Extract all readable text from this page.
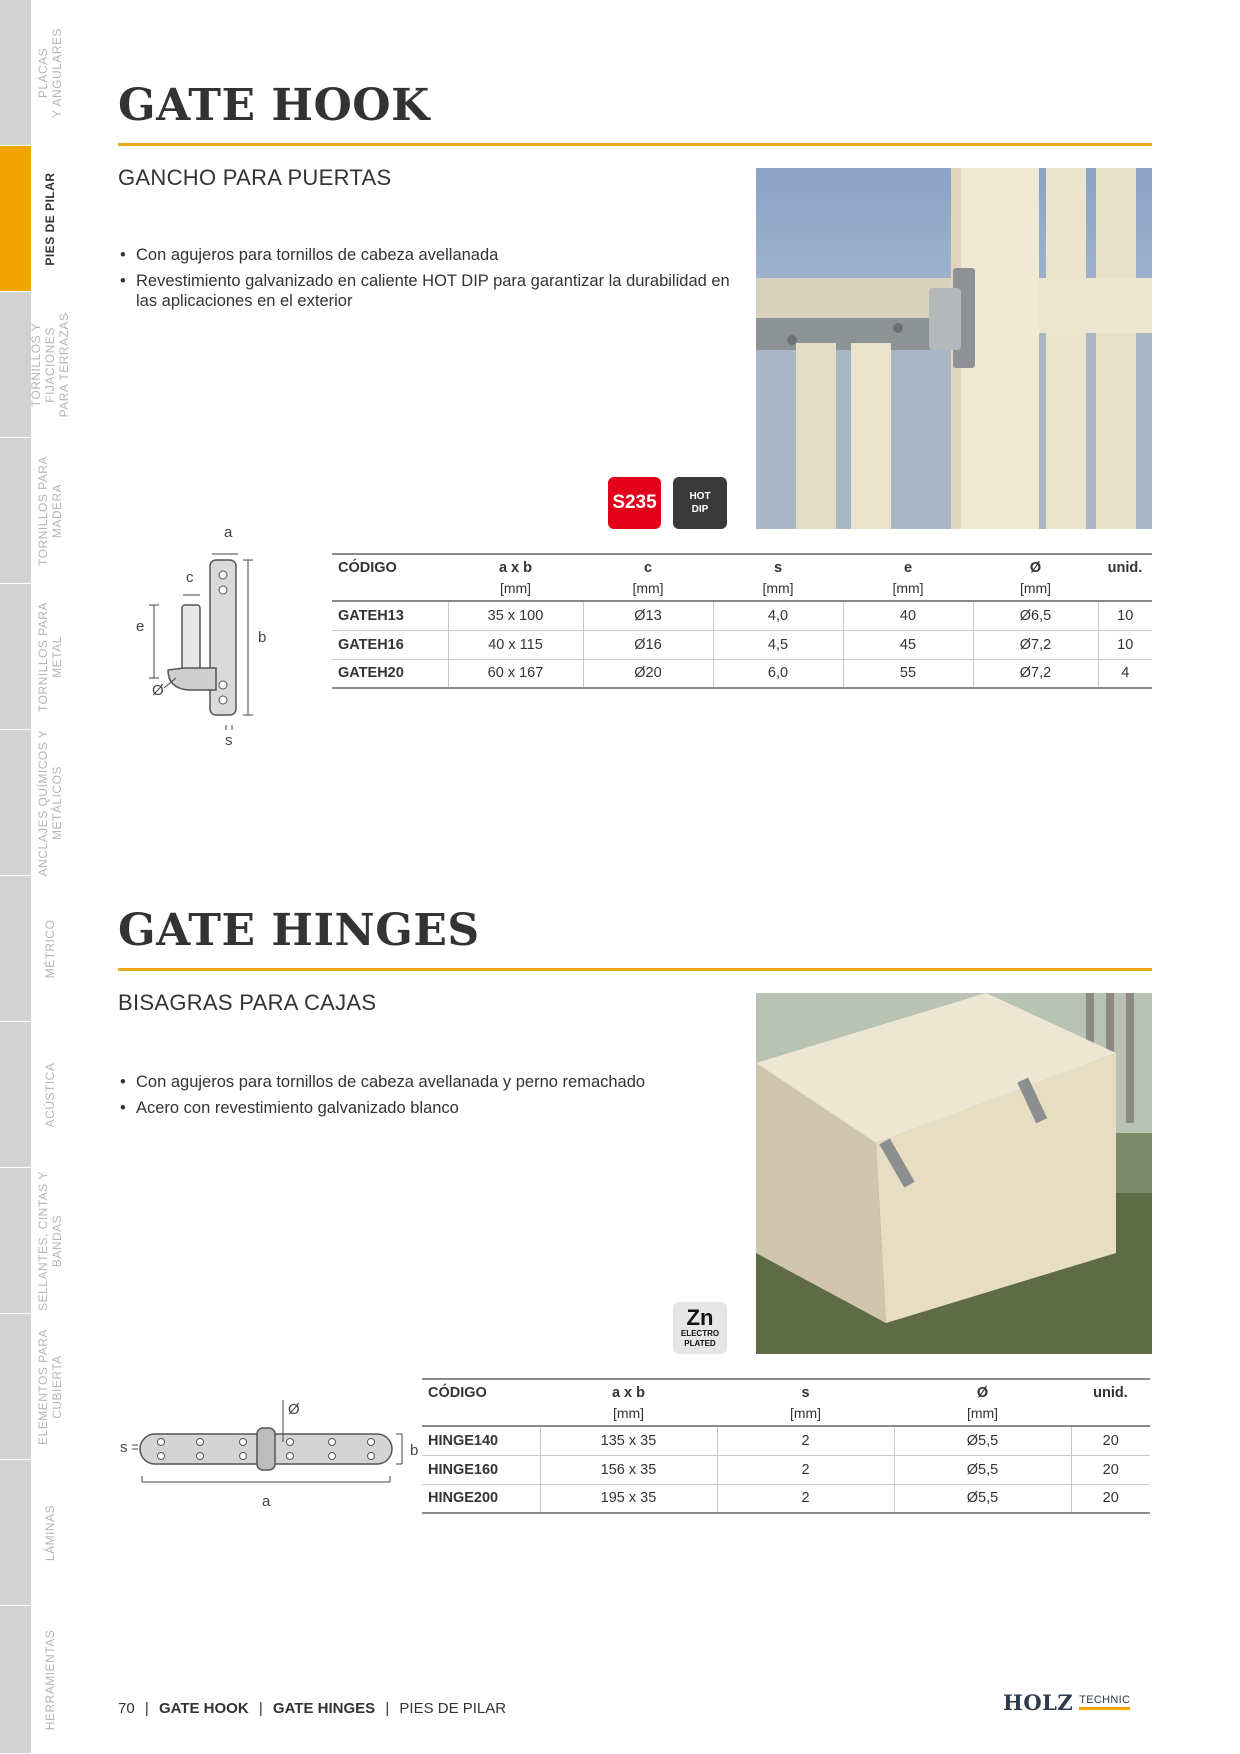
PLACAS
Y ANGULARES
PIES DE PILAR
TORNILLOS Y
FIJACIONES
PARA TERRAZAS
TORNILLOS PARA
MADERA
TORNILLOS PARA
METAL
ANCLAJES QUÍMICOS Y
METÁLICOS
MÉTRICO
ACÚSTICA
SELLANTES, CINTAS Y
BANDAS
ELEMENTOS PARA
CUBIERTA
LÁMINAS
HERRAMIENTAS
GATE HOOK
GANCHO PARA PUERTAS
• Con agujeros para tornillos de cabeza avellanada
• Revestimiento galvanizado en caliente HOT DIP para garantizar la durabilidad en las aplicaciones en el exterior
S235	HOT
DIP
a
b
c
e
Ø
s
CÓDIGO	a x b	c	s	e	Ø	unid.
	[mm]	[mm]	[mm]	[mm]	[mm]	
GATEH13	35 x 100	Ø13	4,0	40	Ø6,5	10
GATEH16	40 x 115	Ø16	4,5	45	Ø7,2	10
GATEH20	60 x 167	Ø20	6,0	55	Ø7,2	4
GATE HINGES
BISAGRAS PARA CAJAS
• Con agujeros para tornillos de cabeza avellanada y perno remachado
• Acero con revestimiento galvanizado blanco
Zn
ELECTRO
PLATED
Ø
b
a
s
CÓDIGO	a x b	s	Ø	unid.
	[mm]	[mm]	[mm]	
HINGE140	135 x 35	2	Ø5,5	20
HINGE160	156 x 35	2	Ø5,5	20
HINGE200	195 x 35	2	Ø5,5	20
70 | GATE HOOK | GATE HINGES | PIES DE PILAR	HOLZ TECHNIC
